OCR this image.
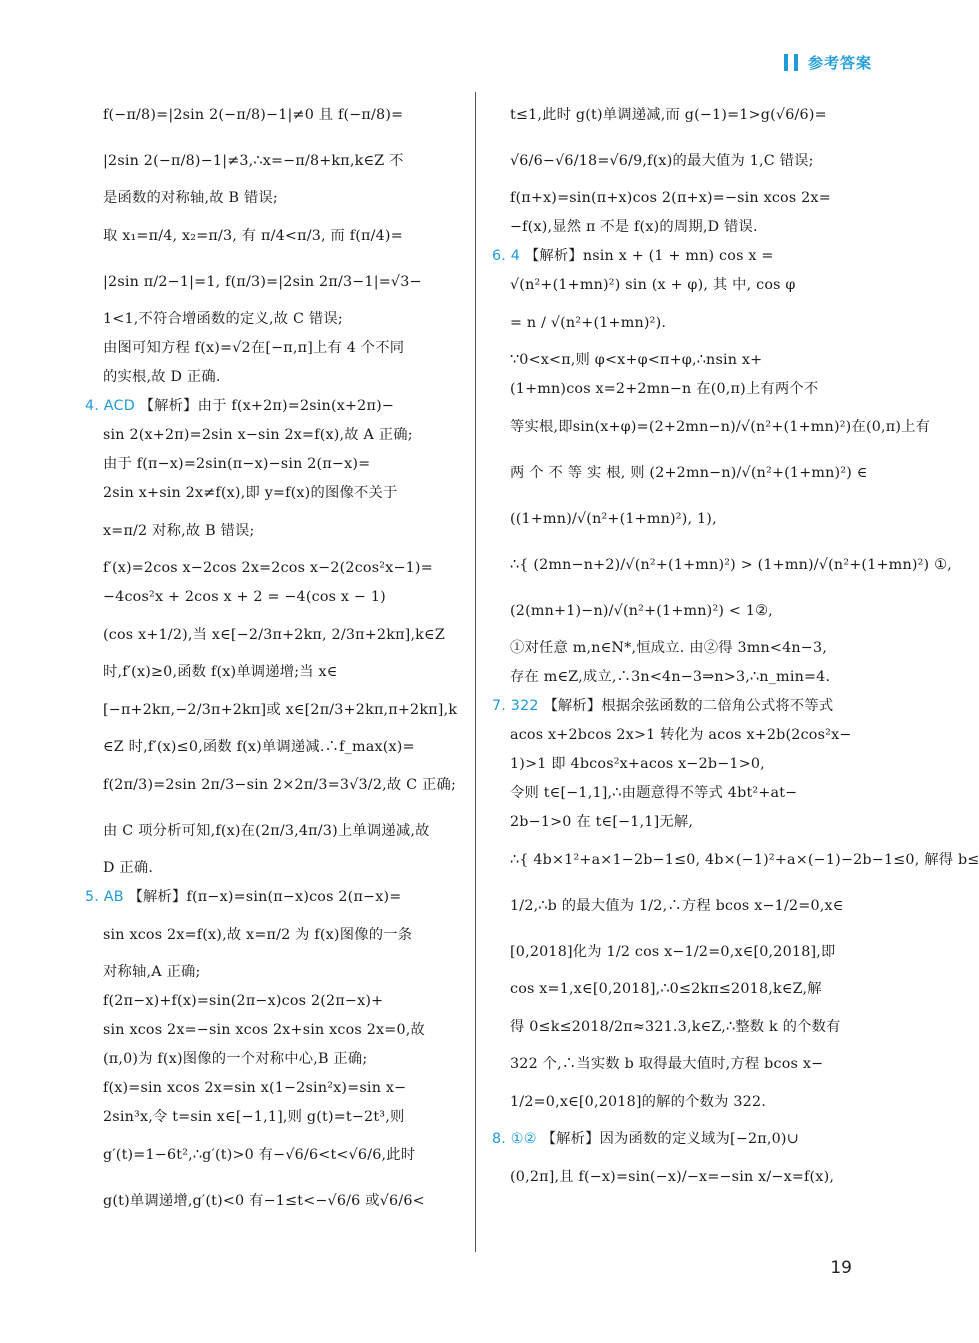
参考答案
f(−π/8)=|2sin 2(−π/8)−1|≠0 且 f(−π/8)=
|2sin 2(−π/8)−1|≠3,∴x=−π/8+kπ,k∈Z 不
是函数的对称轴,故 B 错误;
取 x₁=π/4, x₂=π/3, 有 π/4<π/3, 而 f(π/4)=
|2sin π/2−1|=1, f(π/3)=|2sin 2π/3−1|=√3−
1<1,不符合增函数的定义,故 C 错误;
由图可知方程 f(x)=√2在[−π,π]上有 4 个不同
的实根,故 D 正确.
4. ACD 【解析】由于 f(x+2π)=2sin(x+2π)−
sin 2(x+2π)=2sin x−sin 2x=f(x),故 A 正确;
由于 f(π−x)=2sin(π−x)−sin 2(π−x)=
2sin x+sin 2x≠f(x),即 y=f(x)的图像不关于
x=π/2 对称,故 B 错误;
f′(x)=2cos x−2cos 2x=2cos x−2(2cos²x−1)=
−4cos²x + 2cos x + 2 = −4(cos x − 1)
(cos x+1/2),当 x∈[−2/3π+2kπ, 2/3π+2kπ],k∈Z
时,f′(x)≥0,函数 f(x)单调递增;当 x∈
[−π+2kπ,−2/3π+2kπ]或 x∈[2π/3+2kπ,π+2kπ],k
∈Z 时,f′(x)≤0,函数 f(x)单调递减.∴f_max(x)=
f(2π/3)=2sin 2π/3−sin 2×2π/3=3√3/2,故 C 正确;
由 C 项分析可知,f(x)在(2π/3,4π/3)上单调递减,故
D 正确.
5. AB 【解析】f(π−x)=sin(π−x)cos 2(π−x)=
sin xcos 2x=f(x),故 x=π/2 为 f(x)图像的一条
对称轴,A 正确;
f(2π−x)+f(x)=sin(2π−x)cos 2(2π−x)+
sin xcos 2x=−sin xcos 2x+sin xcos 2x=0,故
(π,0)为 f(x)图像的一个对称中心,B 正确;
f(x)=sin xcos 2x=sin x(1−2sin²x)=sin x−
2sin³x,令 t=sin x∈[−1,1],则 g(t)=t−2t³,则
g′(t)=1−6t²,∴g′(t)>0 有−√6/6<t<√6/6,此时
g(t)单调递增,g′(t)<0 有−1≤t<−√6/6 或√6/6<
t≤1,此时 g(t)单调递减,而 g(−1)=1>g(√6/6)=
√6/6−√6/18=√6/9,f(x)的最大值为 1,C 错误;
f(π+x)=sin(π+x)cos 2(π+x)=−sin xcos 2x=
−f(x),显然 π 不是 f(x)的周期,D 错误.
6. 4 【解析】nsin x + (1 + mn) cos x =
√(n²+(1+mn)²) sin (x + φ), 其 中, cos φ
= n / √(n²+(1+mn)²).
∵0<x<π,则 φ<x+φ<π+φ,∴nsin x+
(1+mn)cos x=2+2mn−n 在(0,π)上有两个不
等实根,即sin(x+φ)=(2+2mn−n)/√(n²+(1+mn)²)在(0,π)上有
两 个 不 等 实 根, 则 (2+2mn−n)/√(n²+(1+mn)²) ∈
((1+mn)/√(n²+(1+mn)²), 1),
∴{ (2mn−n+2)/√(n²+(1+mn)²) > (1+mn)/√(n²+(1+mn)²) ①,
(2(mn+1)−n)/√(n²+(1+mn)²) < 1②,
①对任意 m,n∈N*,恒成立. 由②得 3mn<4n−3,
存在 m∈Z,成立,∴3n<4n−3⇒n>3,∴n_min=4.
7. 322 【解析】根据余弦函数的二倍角公式将不等式
acos x+2bcos 2x>1 转化为 acos x+2b(2cos²x−
1)>1 即 4bcos²x+acos x−2b−1>0,
令则 t∈[−1,1],∴由题意得不等式 4bt²+at−
2b−1>0 在 t∈[−1,1]无解,
∴{ 4b×1²+a×1−2b−1≤0, 4b×(−1)²+a×(−1)−2b−1≤0, 解得 b≤
1/2,∴b 的最大值为 1/2,∴方程 bcos x−1/2=0,x∈
[0,2018]化为 1/2 cos x−1/2=0,x∈[0,2018],即
cos x=1,x∈[0,2018],∴0≤2kπ≤2018,k∈Z,解
得 0≤k≤2018/2π≈321.3,k∈Z,∴整数 k 的个数有
322 个,∴当实数 b 取得最大值时,方程 bcos x−
1/2=0,x∈[0,2018]的解的个数为 322.
8. ①② 【解析】因为函数的定义域为[−2π,0)∪
(0,2π],且 f(−x)=sin(−x)/−x=−sin x/−x=f(x),
19
